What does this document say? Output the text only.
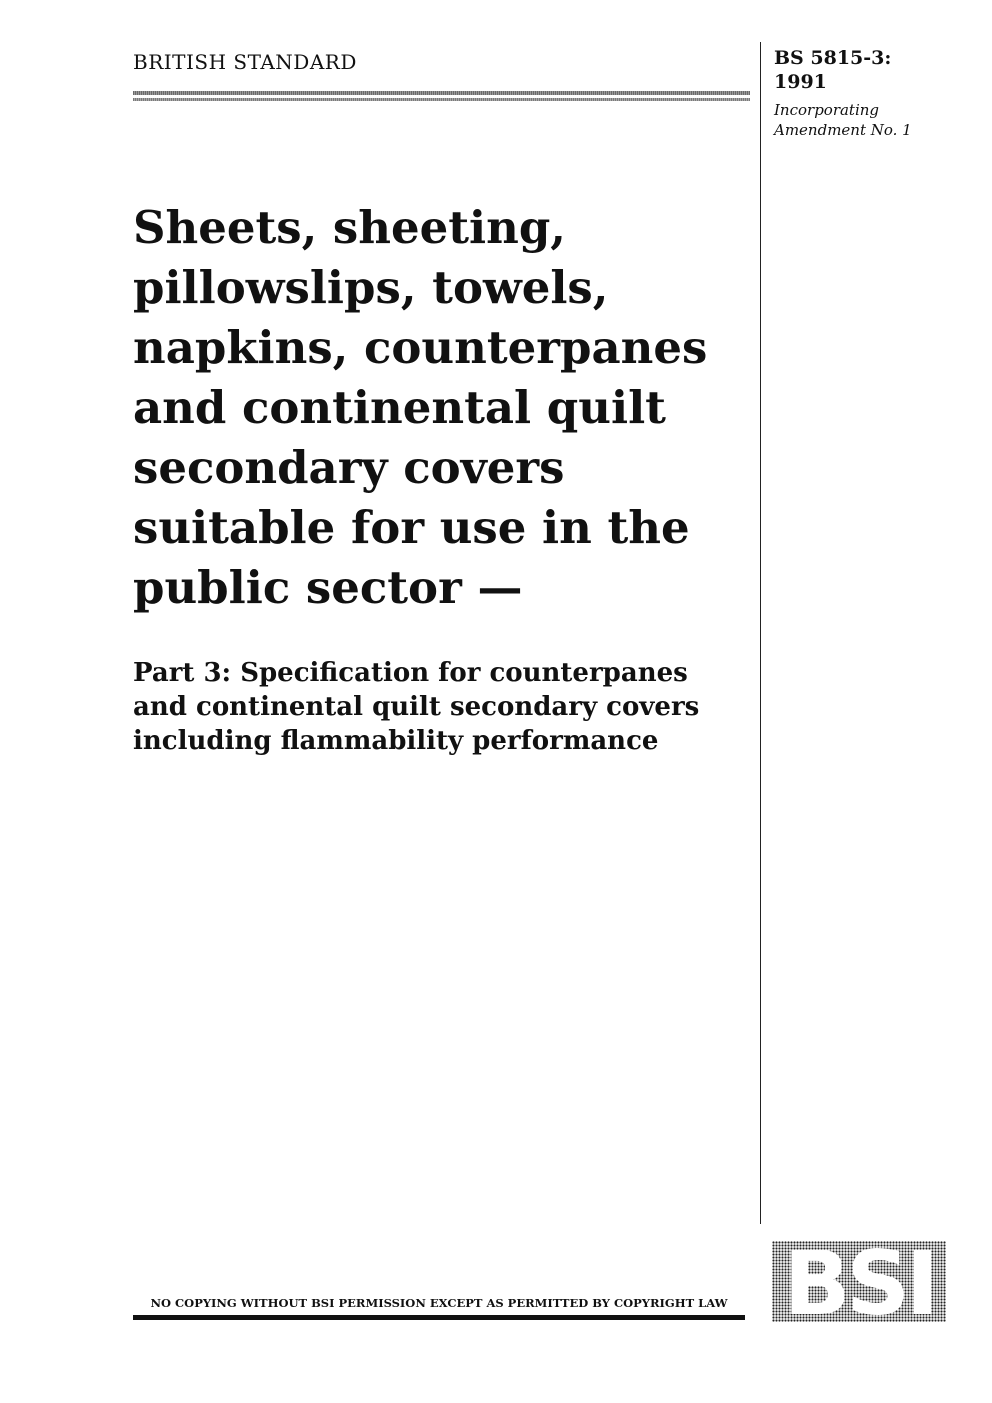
BRITISH STANDARD	BS 5815-3:
1991
Incorporating
Amendment No. 1
Sheets, sheeting,
pillowslips, towels,
napkins, counterpanes
and continental quilt
secondary covers
suitable for use in the
public sector —
Part 3: Specification for counterpanes
and continental quilt secondary covers
including flammability performance
NO COPYING WITHOUT BSI PERMISSION EXCEPT AS PERMITTED BY COPYRIGHT LAW BSI
